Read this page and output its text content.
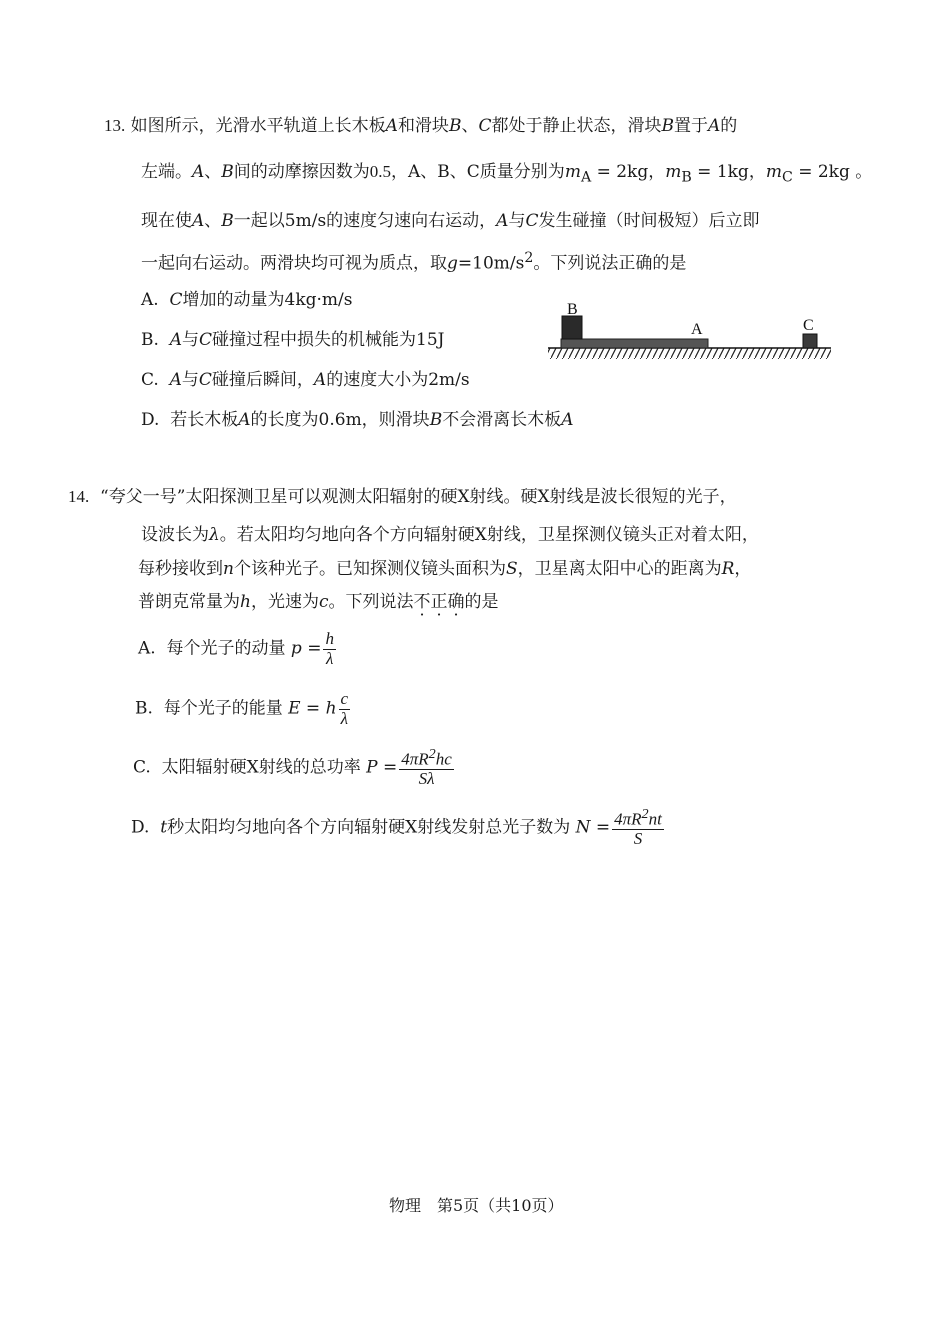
13. 如图所示，光滑水平轨道上长木板A和滑块B、C都处于静止状态，滑块B置于A的
左端。A、B间的动摩擦因数为0.5，A、B、C质量分别为$m_A = 2kg$，$m_B = 1kg$，$m_C = 2kg$ 。
现在使A、B一起以5m/s的速度匀速向右运动，A与C发生碰撞（时间极短）后立即
一起向右运动。两滑块均可视为质点，取$g=10m/s^2$。下列说法正确的是
A.  C增加的动量为4kg·m/s
B.  A与C碰撞过程中损失的机械能为15J
C.  A与C碰撞后瞬间，A的速度大小为2m/s
D.  若长木板A的长度为0.6m，则滑块B不会滑离长木板A
B
A	C
14.  “夸父一号”太阳探测卫星可以观测太阳辐射的硬X射线。硬X射线是波长很短的光子，
设波长为λ。若太阳均匀地向各个方向辐射硬X射线，卫星探测仪镜头正对着太阳，
每秒接收到n个该种光子。已知探测仪镜头面积为S，卫星离太阳中心的距离为R，
普朗克常量为h，光速为c。下列说法不正确的是
A.  每个光子的动量 $p = \frac{h}{\lambda}$
B.  每个光子的能量 E = h $\frac{c}{\lambda}$
C.  太阳辐射硬X射线的总功率 $P = \frac{4\pi R^2hc}{S\lambda}$
D.  t秒太阳均匀地向各个方向辐射硬X射线发射总光子数为 $N = \frac{4\pi R^2nt}{S}$
物理　第5页（共10页）
